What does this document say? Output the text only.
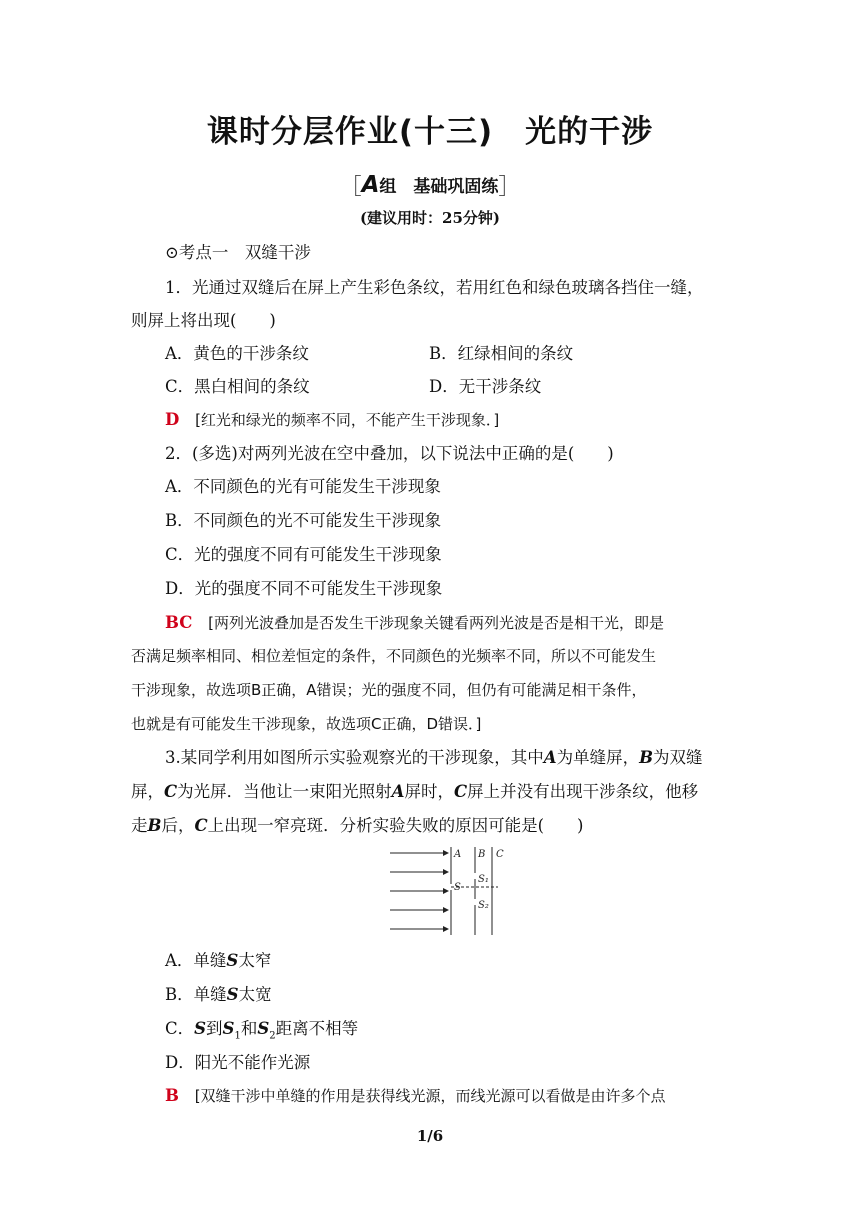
课时分层作业(十三)　光的干涉
［A组　基础巩固练］
(建议用时：25分钟)
⊙考点一　双缝干涉
1．光通过双缝后在屏上产生彩色条纹，若用红色和绿色玻璃各挡住一缝，
则屏上将出现(　　)
A．黄色的干涉条纹	B．红绿相间的条纹
C．黑白相间的条纹	D．无干涉条纹
D [红光和绿光的频率不同，不能产生干涉现象．]
2．(多选)对两列光波在空中叠加，以下说法中正确的是(　　)
A．不同颜色的光有可能发生干涉现象
B．不同颜色的光不可能发生干涉现象
C．光的强度不同有可能发生干涉现象
D．光的强度不同不可能发生干涉现象
BC [两列光波叠加是否发生干涉现象关键看两列光波是否是相干光，即是
否满足频率相同、相位差恒定的条件，不同颜色的光频率不同，所以不可能发生
干涉现象，故选项B正确，A错误；光的强度不同，但仍有可能满足相干条件，
也就是有可能发生干涉现象，故选项C正确，D错误．]
3.某同学利用如图所示实验观察光的干涉现象，其中A为单缝屏，B为双缝
屏，C为光屏．当他让一束阳光照射A屏时，C屏上并没有出现干涉条纹，他移
走B后，C上出现一窄亮斑．分析实验失败的原因可能是(　　)
A B C
S
S₁
S₂
A．单缝S太窄
B．单缝S太宽
C．S到$S_1$和$S_2$距离不相等
D．阳光不能作光源
B [双缝干涉中单缝的作用是获得线光源，而线光源可以看做是由许多个点
1/6
